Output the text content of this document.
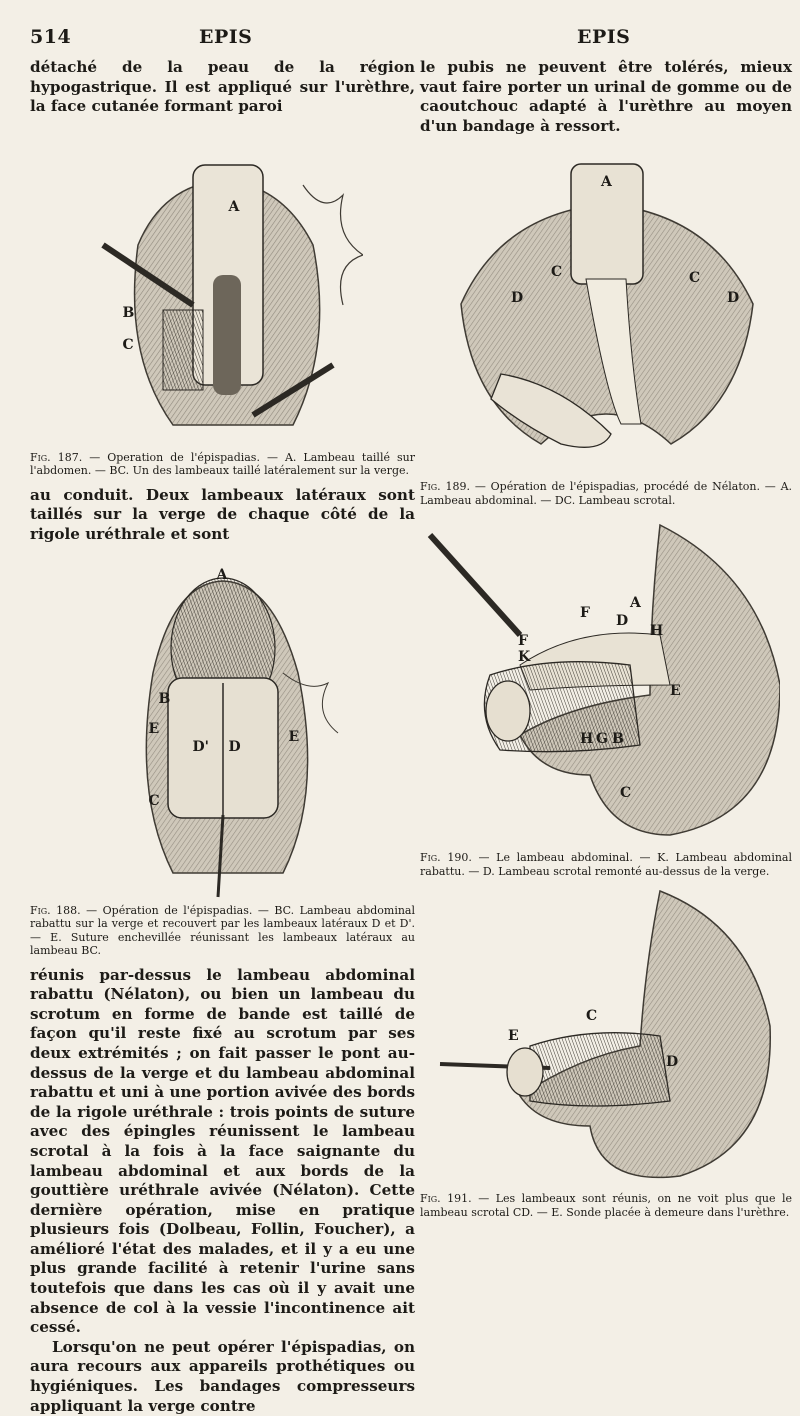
514	EPIS	EPIS

détaché de la peau de la région hypogastrique. Il est appliqué sur l'urèthre, la face cutanée formant paroi

A
B
C

Fig. 187. — Operation de l'épispadias. — A. Lambeau taillé sur l'abdomen. — BC. Un des lambeaux taillé latéralement sur la verge.

au conduit. Deux lambeaux latéraux sont taillés sur la verge de chaque côté de la rigole uréthrale et sont

A
B
E
D' D
E
C

Fig. 188. — Opération de l'épispadias. — BC. Lambeau abdominal rabattu sur la verge et recouvert par les lambeaux latéraux D et D'. — E. Suture enchevillée réunissant les lambeaux latéraux au lambeau BC.

réunis par-dessus le lambeau abdominal rabattu (Nélaton), ou bien un lambeau du scrotum en forme de bande est taillé de façon qu'il reste fixé au scrotum par ses deux extrémités ; on fait passer le pont au-dessus de la verge et du lambeau abdominal rabattu et uni à une portion avivée des bords de la rigole uréthrale : trois points de suture avec des épingles réunissent le lambeau scrotal à la fois à la face saignante du lambeau abdominal et aux bords de la gouttière uréthrale avivée (Nélaton). Cette dernière opération, mise en pratique plusieurs fois (Dolbeau, Follin, Foucher), a amélioré l'état des malades, et il y a eu une plus grande facilité à retenir l'urine sans toutefois que dans les cas où il y avait une absence de col à la vessie l'incontinence ait cessé.

Lorsqu'on ne peut opérer l'épispadias, on aura recours aux appareils prothétiques ou hygiéniques. Les bandages compresseurs appliquant la verge contre

le pubis ne peuvent être tolérés, mieux vaut faire porter un urinal de gomme ou de caoutchouc adapté à l'urèthre au moyen d'un bandage à ressort.

A
C	C
D	D

Fig. 189. — Opération de l'épispadias, procédé de Nélaton. — A. Lambeau abdominal. — DC. Lambeau scrotal.

A
F D
H
F
K
E
H G B
C

Fig. 190. — Le lambeau abdominal. — K. Lambeau abdominal rabattu. — D. Lambeau scrotal remonté au-dessus de la verge.

C
E
D

Fig. 191. — Les lambeaux sont réunis, on ne voit plus que le lambeau scrotal CD. — E. Sonde placée à demeure dans l'urèthre.
